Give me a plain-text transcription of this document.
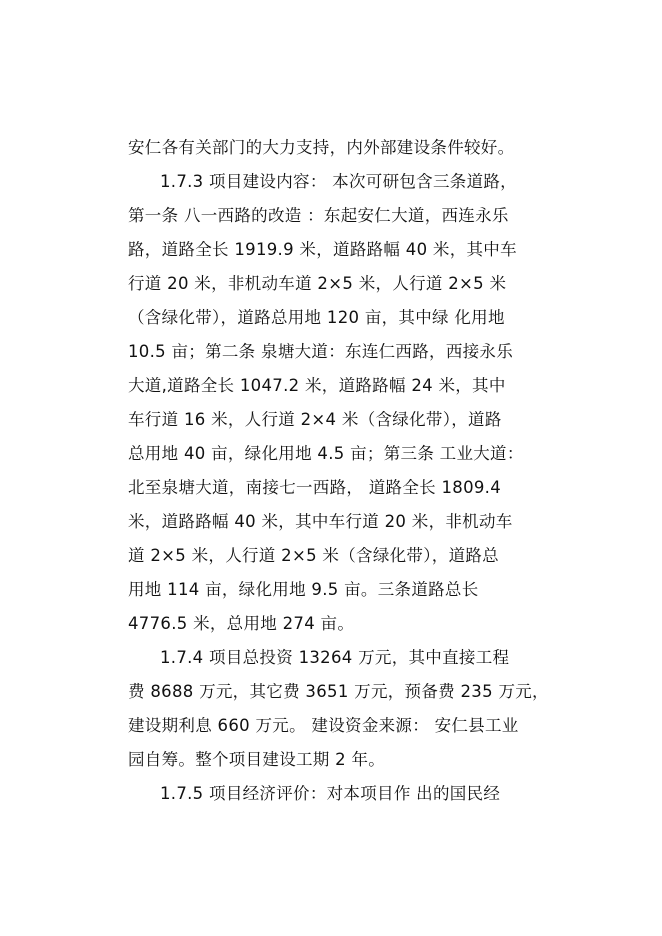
安仁各有关部门的大力支持，内外部建设条件较好。
1.7.3 项目建设内容： 本次可研包含三条道路，
第一条 八一西路的改造 ：东起安仁大道，西连永乐
路，道路全长 1919.9 米，道路路幅 40 米，其中车
行道 20 米，非机动车道 2×5 米，人行道 2×5 米
（含绿化带），道路总用地 120 亩，其中绿 化用地
10.5 亩；第二条 泉塘大道：东连仁西路，西接永乐
大道,道路全长 1047.2 米，道路路幅 24 米，其中
车行道 16 米，人行道 2×4 米（含绿化带），道路
总用地 40 亩，绿化用地 4.5 亩；第三条 工业大道：
北至泉塘大道，南接七一西路， 道路全长 1809.4
米，道路路幅 40 米，其中车行道 20 米，非机动车
道 2×5 米，人行道 2×5 米（含绿化带），道路总
用地 114 亩，绿化用地 9.5 亩。三条道路总长
4776.5 米，总用地 274 亩。
1.7.4 项目总投资 13264 万元，其中直接工程
费 8688 万元，其它费 3651 万元，预备费 235 万元，
建设期利息 660 万元。 建设资金来源： 安仁县工业
园自筹。整个项目建设工期 2 年。
1.7.5 项目经济评价：对本项目作 出的国民经
